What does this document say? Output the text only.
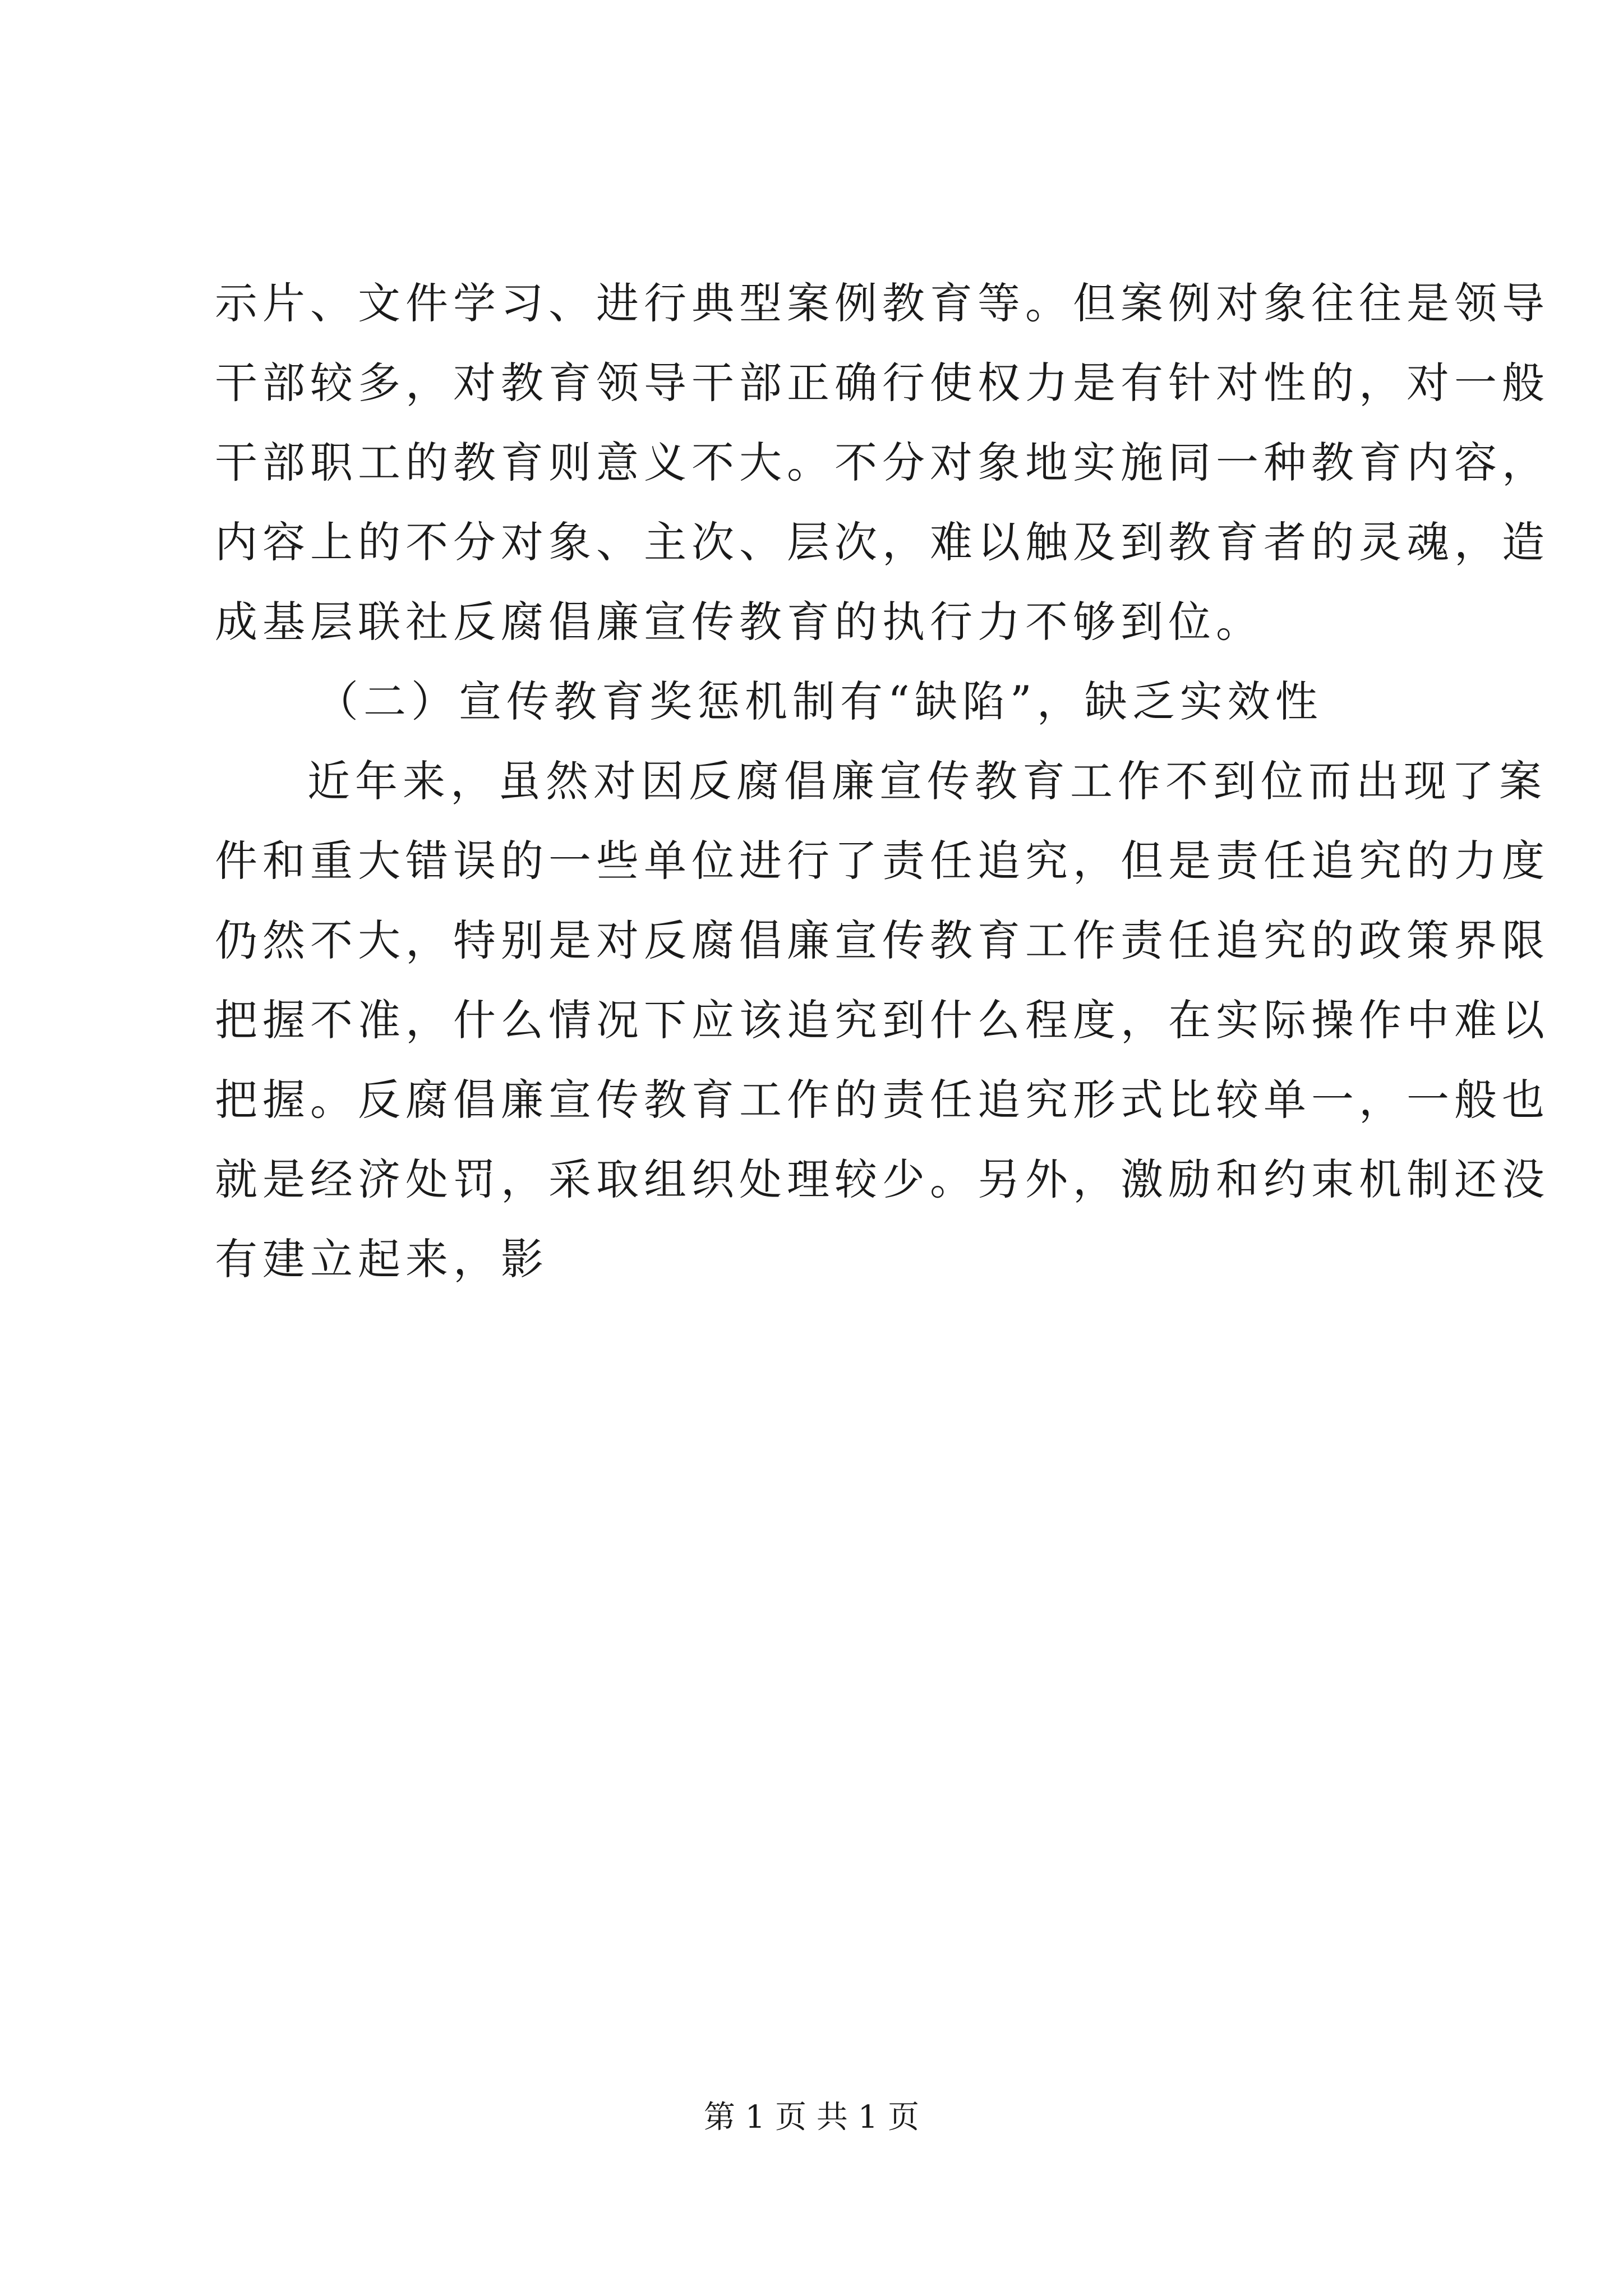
示片、文件学习、进行典型案例教育等。但案例对象往往是领导
干部较多，对教育领导干部正确行使权力是有针对性的，对一般
干部职工的教育则意义不大。不分对象地实施同一种教育内容，
内容上的不分对象、主次、层次，难以触及到教育者的灵魂，造
成基层联社反腐倡廉宣传教育的执行力不够到位。
（二）宣传教育奖惩机制有“缺陷”，缺乏实效性
近年来，虽然对因反腐倡廉宣传教育工作不到位而出现了案
件和重大错误的一些单位进行了责任追究，但是责任追究的力度
仍然不大，特别是对反腐倡廉宣传教育工作责任追究的政策界限
把握不准，什么情况下应该追究到什么程度，在实际操作中难以
把握。反腐倡廉宣传教育工作的责任追究形式比较单一，一般也
就是经济处罚，采取组织处理较少。另外，激励和约束机制还没
有建立起来，影
第 1 页 共 1 页
